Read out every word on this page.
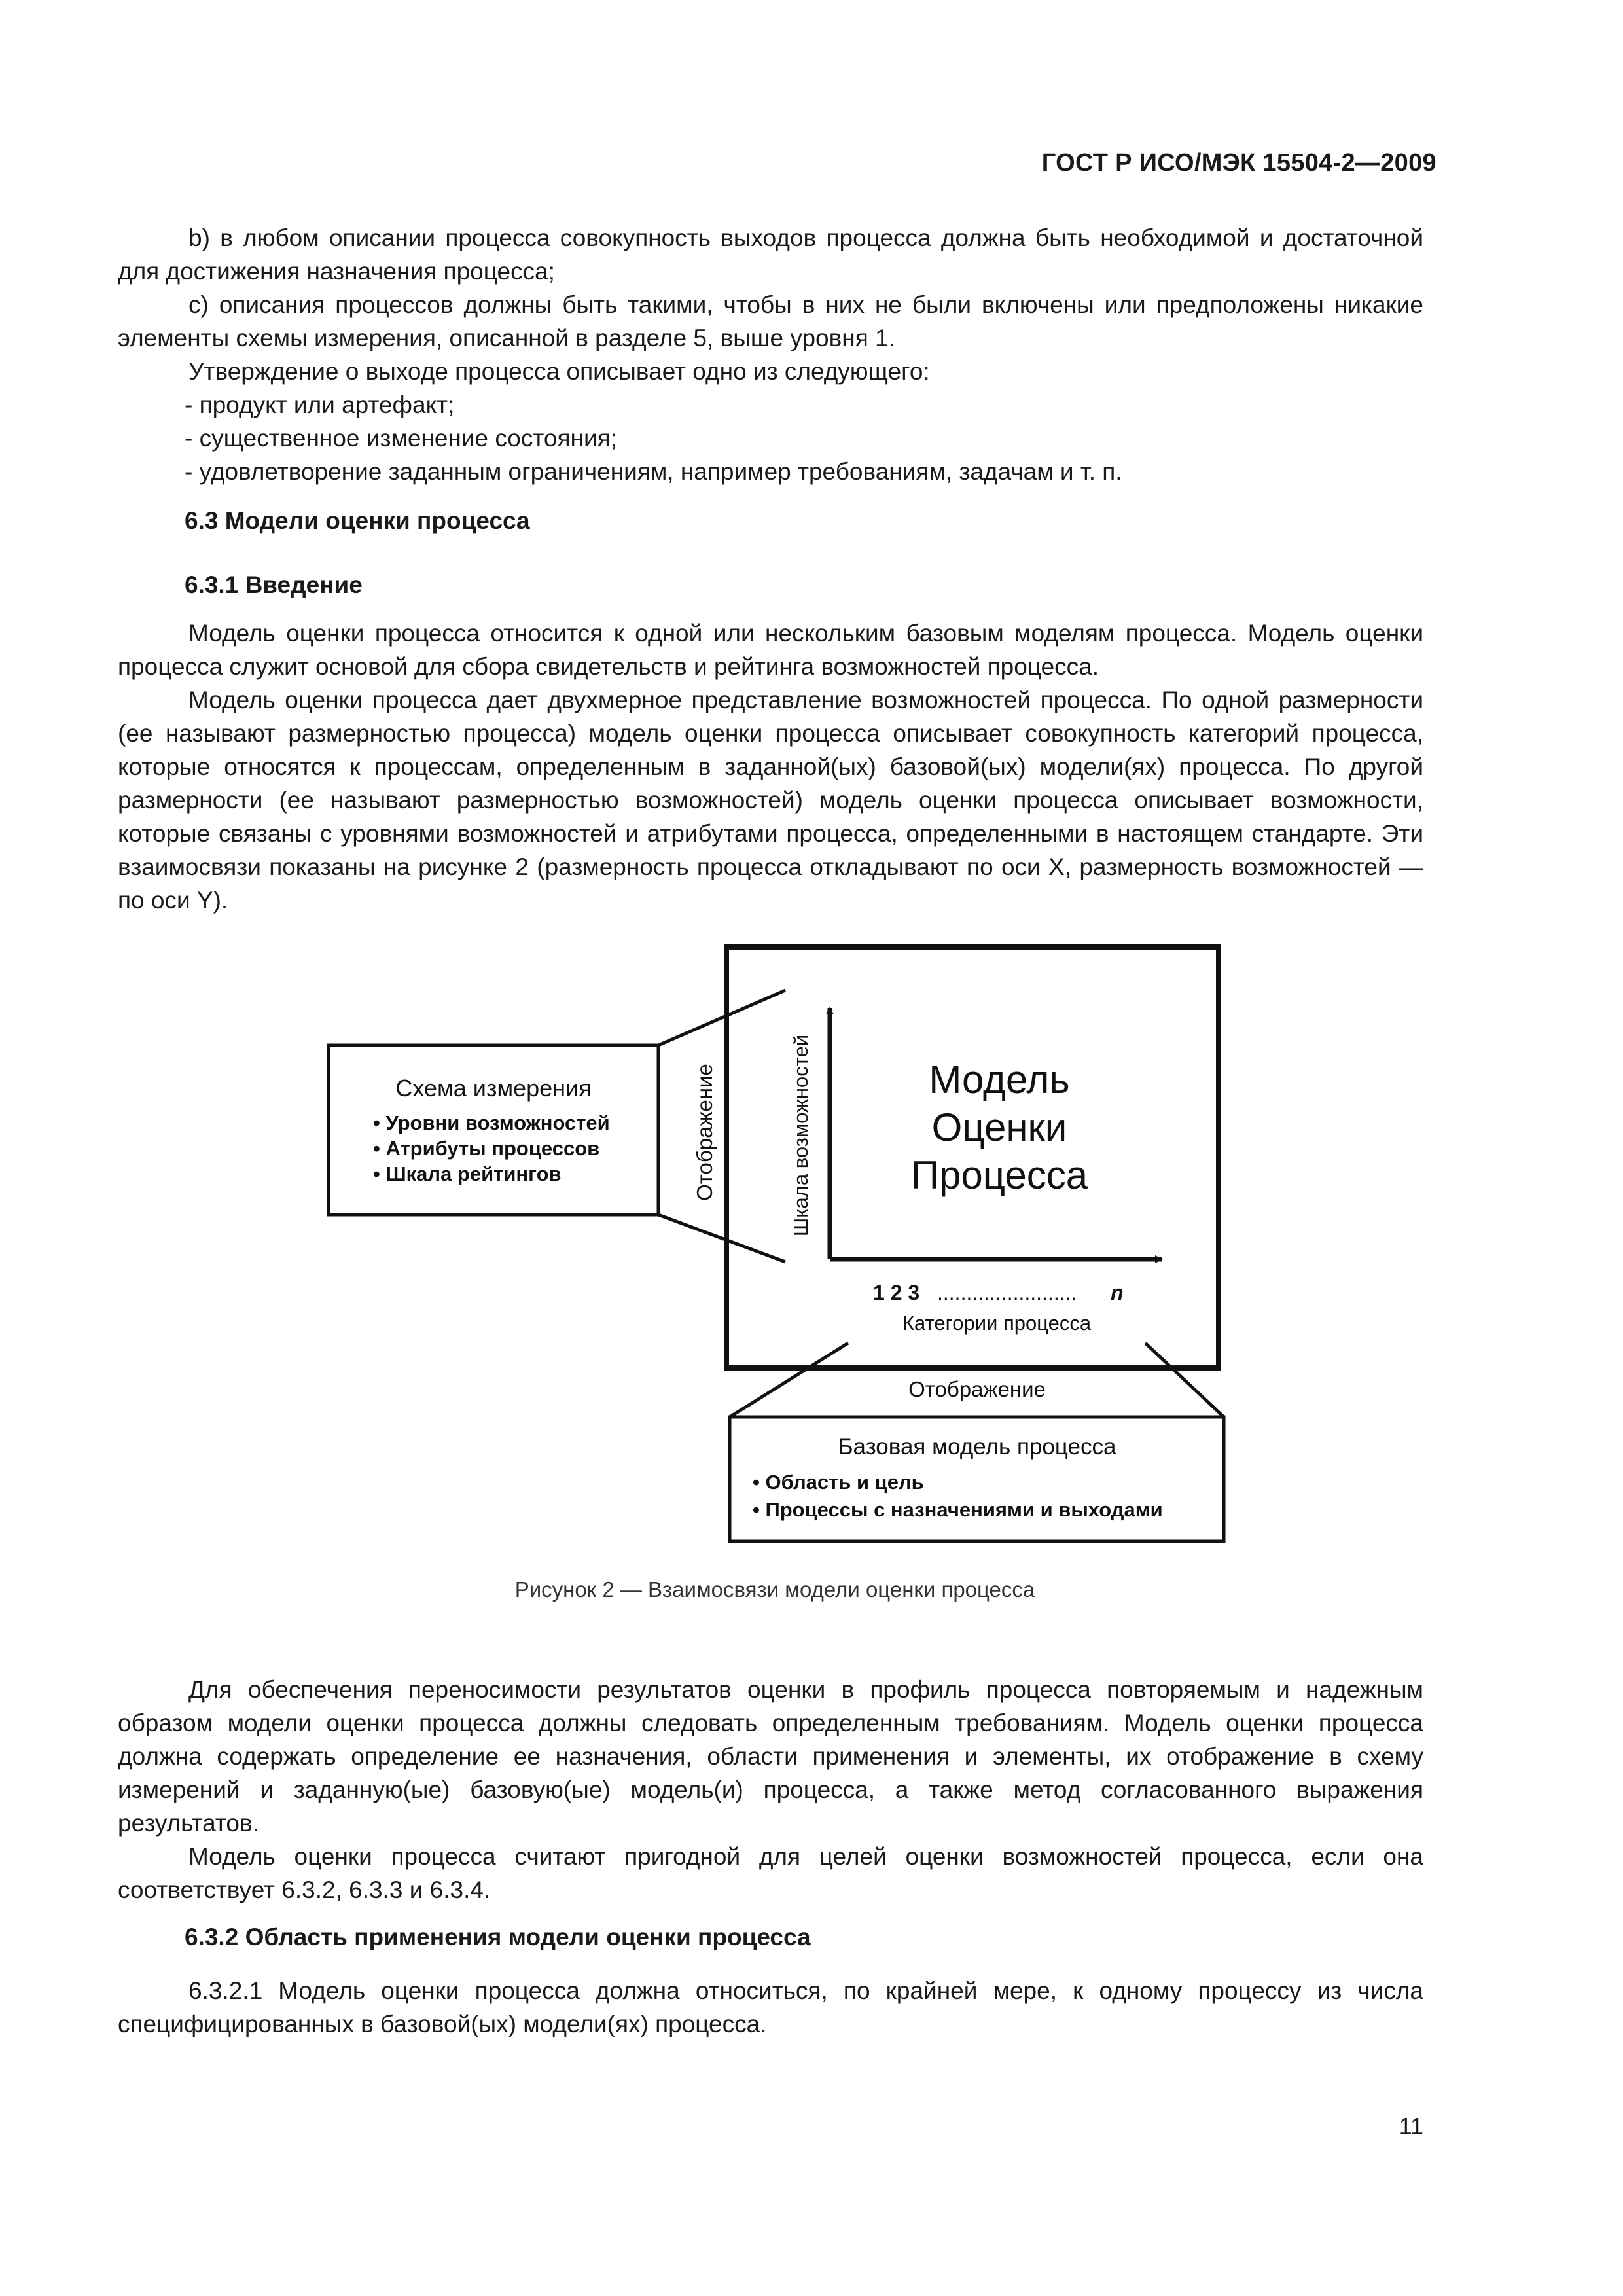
ГОСТ Р ИСО/МЭК 15504-2—2009

b) в любом описании процесса совокупность выходов процесса должна быть необходимой и достаточной для достижения назначения процесса;

c) описания процессов должны быть такими, чтобы в них не были включены или предположены никакие элементы схемы измерения, описанной в разделе 5, выше уровня 1.

Утверждение о выходе процесса описывает одно из следующего:

- продукт или артефакт;

- существенное изменение состояния;

- удовлетворение заданным ограничениям, например требованиям, задачам и т. п.

6.3 Модели оценки процесса
6.3.1 Введение

Модель оценки процесса относится к одной или нескольким базовым моделям процесса. Модель оценки процесса служит основой для сбора свидетельств и рейтинга возможностей процесса.

Модель оценки процесса дает двухмерное представление возможностей процесса. По одной размерности (ее называют размерностью процесса) модель оценки процесса описывает совокупность категорий процесса, которые относятся к процессам, определенным в заданной(ых) базовой(ых) модели(ях) процесса. По другой размерности (ее называют размерностью возможностей) модель оценки процесса описывает возможности, которые связаны с уровнями возможностей и атрибутами процесса, определенными в настоящем стандарте. Эти взаимосвязи показаны на рисунке 2 (размерность процесса откладывают по оси X, размерность возможностей — по оси Y).

Схема измерения
• Уровни возможностей
• Атрибуты процессов
• Шкала рейтингов	Отображение	Шкала возможностей	Модель
Оценки
Процесса
1 2 3 ........................ n
Категории процесса
Отображение
Базовая модель процесса
• Область и цель
• Процессы с назначениями и выходами
Рисунок 2 — Взаимосвязи модели оценки процесса

Для обеспечения переносимости результатов оценки в профиль процесса повторяемым и надежным образом модели оценки процесса должны следовать определенным требованиям. Модель оценки процесса должна содержать определение ее назначения, области применения и элементы, их отображение в схему измерений и заданную(ые) базовую(ые) модель(и) процесса, а также метод согласованного выражения результатов.

Модель оценки процесса считают пригодной для целей оценки возможностей процесса, если она соответствует 6.3.2, 6.3.3 и 6.3.4.

6.3.2 Область применения модели оценки процесса

6.3.2.1 Модель оценки процесса должна относиться, по крайней мере, к одному процессу из числа специфицированных в базовой(ых) модели(ях) процесса.

11
